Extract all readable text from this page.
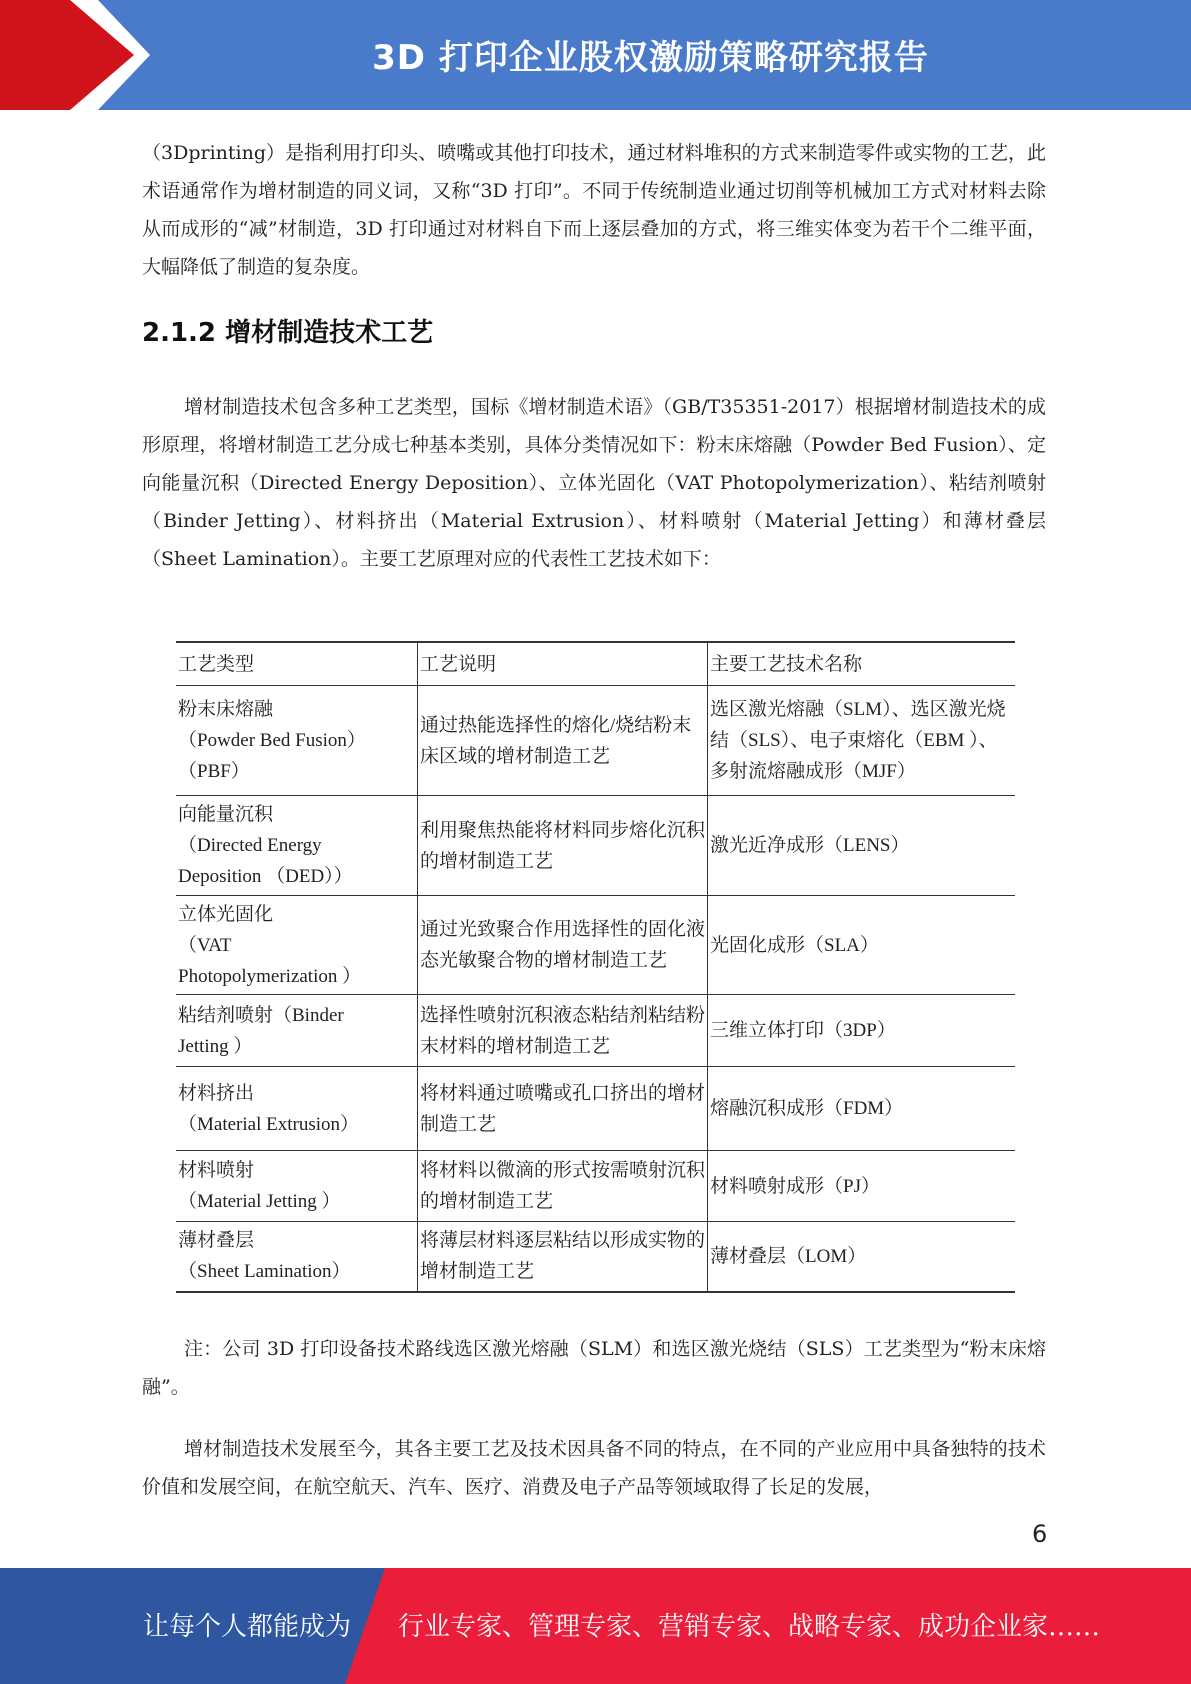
3D 打印企业股权激励策略研究报告

（3Dprinting）是指利用打印头、喷嘴或其他打印技术，通过材料堆积的方式来制造零件或实物的工艺，此术语通常作为增材制造的同义词，又称“3D 打印”。不同于传统制造业通过切削等机械加工方式对材料去除从而成形的“减”材制造，3D 打印通过对材料自下而上逐层叠加的方式，将三维实体变为若干个二维平面，大幅降低了制造的复杂度。

2.1.2 增材制造技术工艺

增材制造技术包含多种工艺类型，国标《增材制造术语》（GB/T35351-2017）根据增材制造技术的成形原理，将增材制造工艺分成七种基本类别，具体分类情况如下：粉末床熔融（Powder Bed Fusion）、定向能量沉积（Directed Energy Deposition）、立体光固化（VAT Photopolymerization）、粘结剂喷射（Binder Jetting）、材料挤出（Material Extrusion）、材料喷射（Material Jetting）和薄材叠层（Sheet Lamination）。主要工艺原理对应的代表性工艺技术如下：

工艺类型	工艺说明	主要工艺技术名称

粉末床熔融
（Powder Bed Fusion）
（PBF）	通过热能选择性的熔化/烧结粉末床区域的增材制造工艺	选区激光熔融（SLM）、选区激光烧结（SLS）、电子束熔化（EBM ）、多射流熔融成形（MJF）

向能量沉积
（Directed Energy
Deposition （DED））	利用聚焦热能将材料同步熔化沉积的增材制造工艺	激光近净成形（LENS）

立体光固化
（VAT
Photopolymerization ）	通过光致聚合作用选择性的固化液态光敏聚合物的增材制造工艺	光固化成形（SLA）

粘结剂喷射（Binder
Jetting ）	选择性喷射沉积液态粘结剂粘结粉末材料的增材制造工艺	三维立体打印（3DP）

材料挤出
（Material Extrusion）	将材料通过喷嘴或孔口挤出的增材制造工艺	熔融沉积成形（FDM）

材料喷射
（Material Jetting ）	将材料以微滴的形式按需喷射沉积的增材制造工艺	材料喷射成形（PJ）

薄材叠层
（Sheet Lamination）	将薄层材料逐层粘结以形成实物的增材制造工艺	薄材叠层（LOM）

注：公司 3D 打印设备技术路线选区激光熔融（SLM）和选区激光烧结（SLS）工艺类型为“粉末床熔融”。

增材制造技术发展至今，其各主要工艺及技术因具备不同的特点，在不同的产业应用中具备独特的技术价值和发展空间，在航空航天、汽车、医疗、消费及电子产品等领域取得了长足的发展，

6
让每个人都能成为 行业专家、管理专家、营销专家、战略专家、成功企业家……
